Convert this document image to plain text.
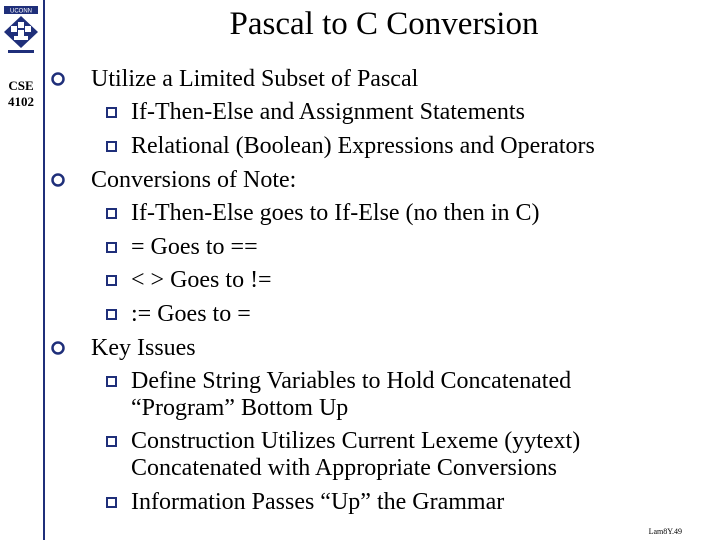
UCONN
CSE
4102
Pascal to C Conversion
Utilize a Limited Subset of Pascal
If-Then-Else and Assignment Statements
Relational (Boolean) Expressions and Operators
Conversions of Note:
If-Then-Else goes to If-Else (no then in C)
= Goes to ==
< > Goes to !=
:= Goes to =
Key Issues
Define String Variables to Hold Concatenated
“Program” Bottom Up
Construction Utilizes Current Lexeme (yytext)
Concatenated with Appropriate Conversions
Information Passes “Up” the Grammar
Lam8Y.49
